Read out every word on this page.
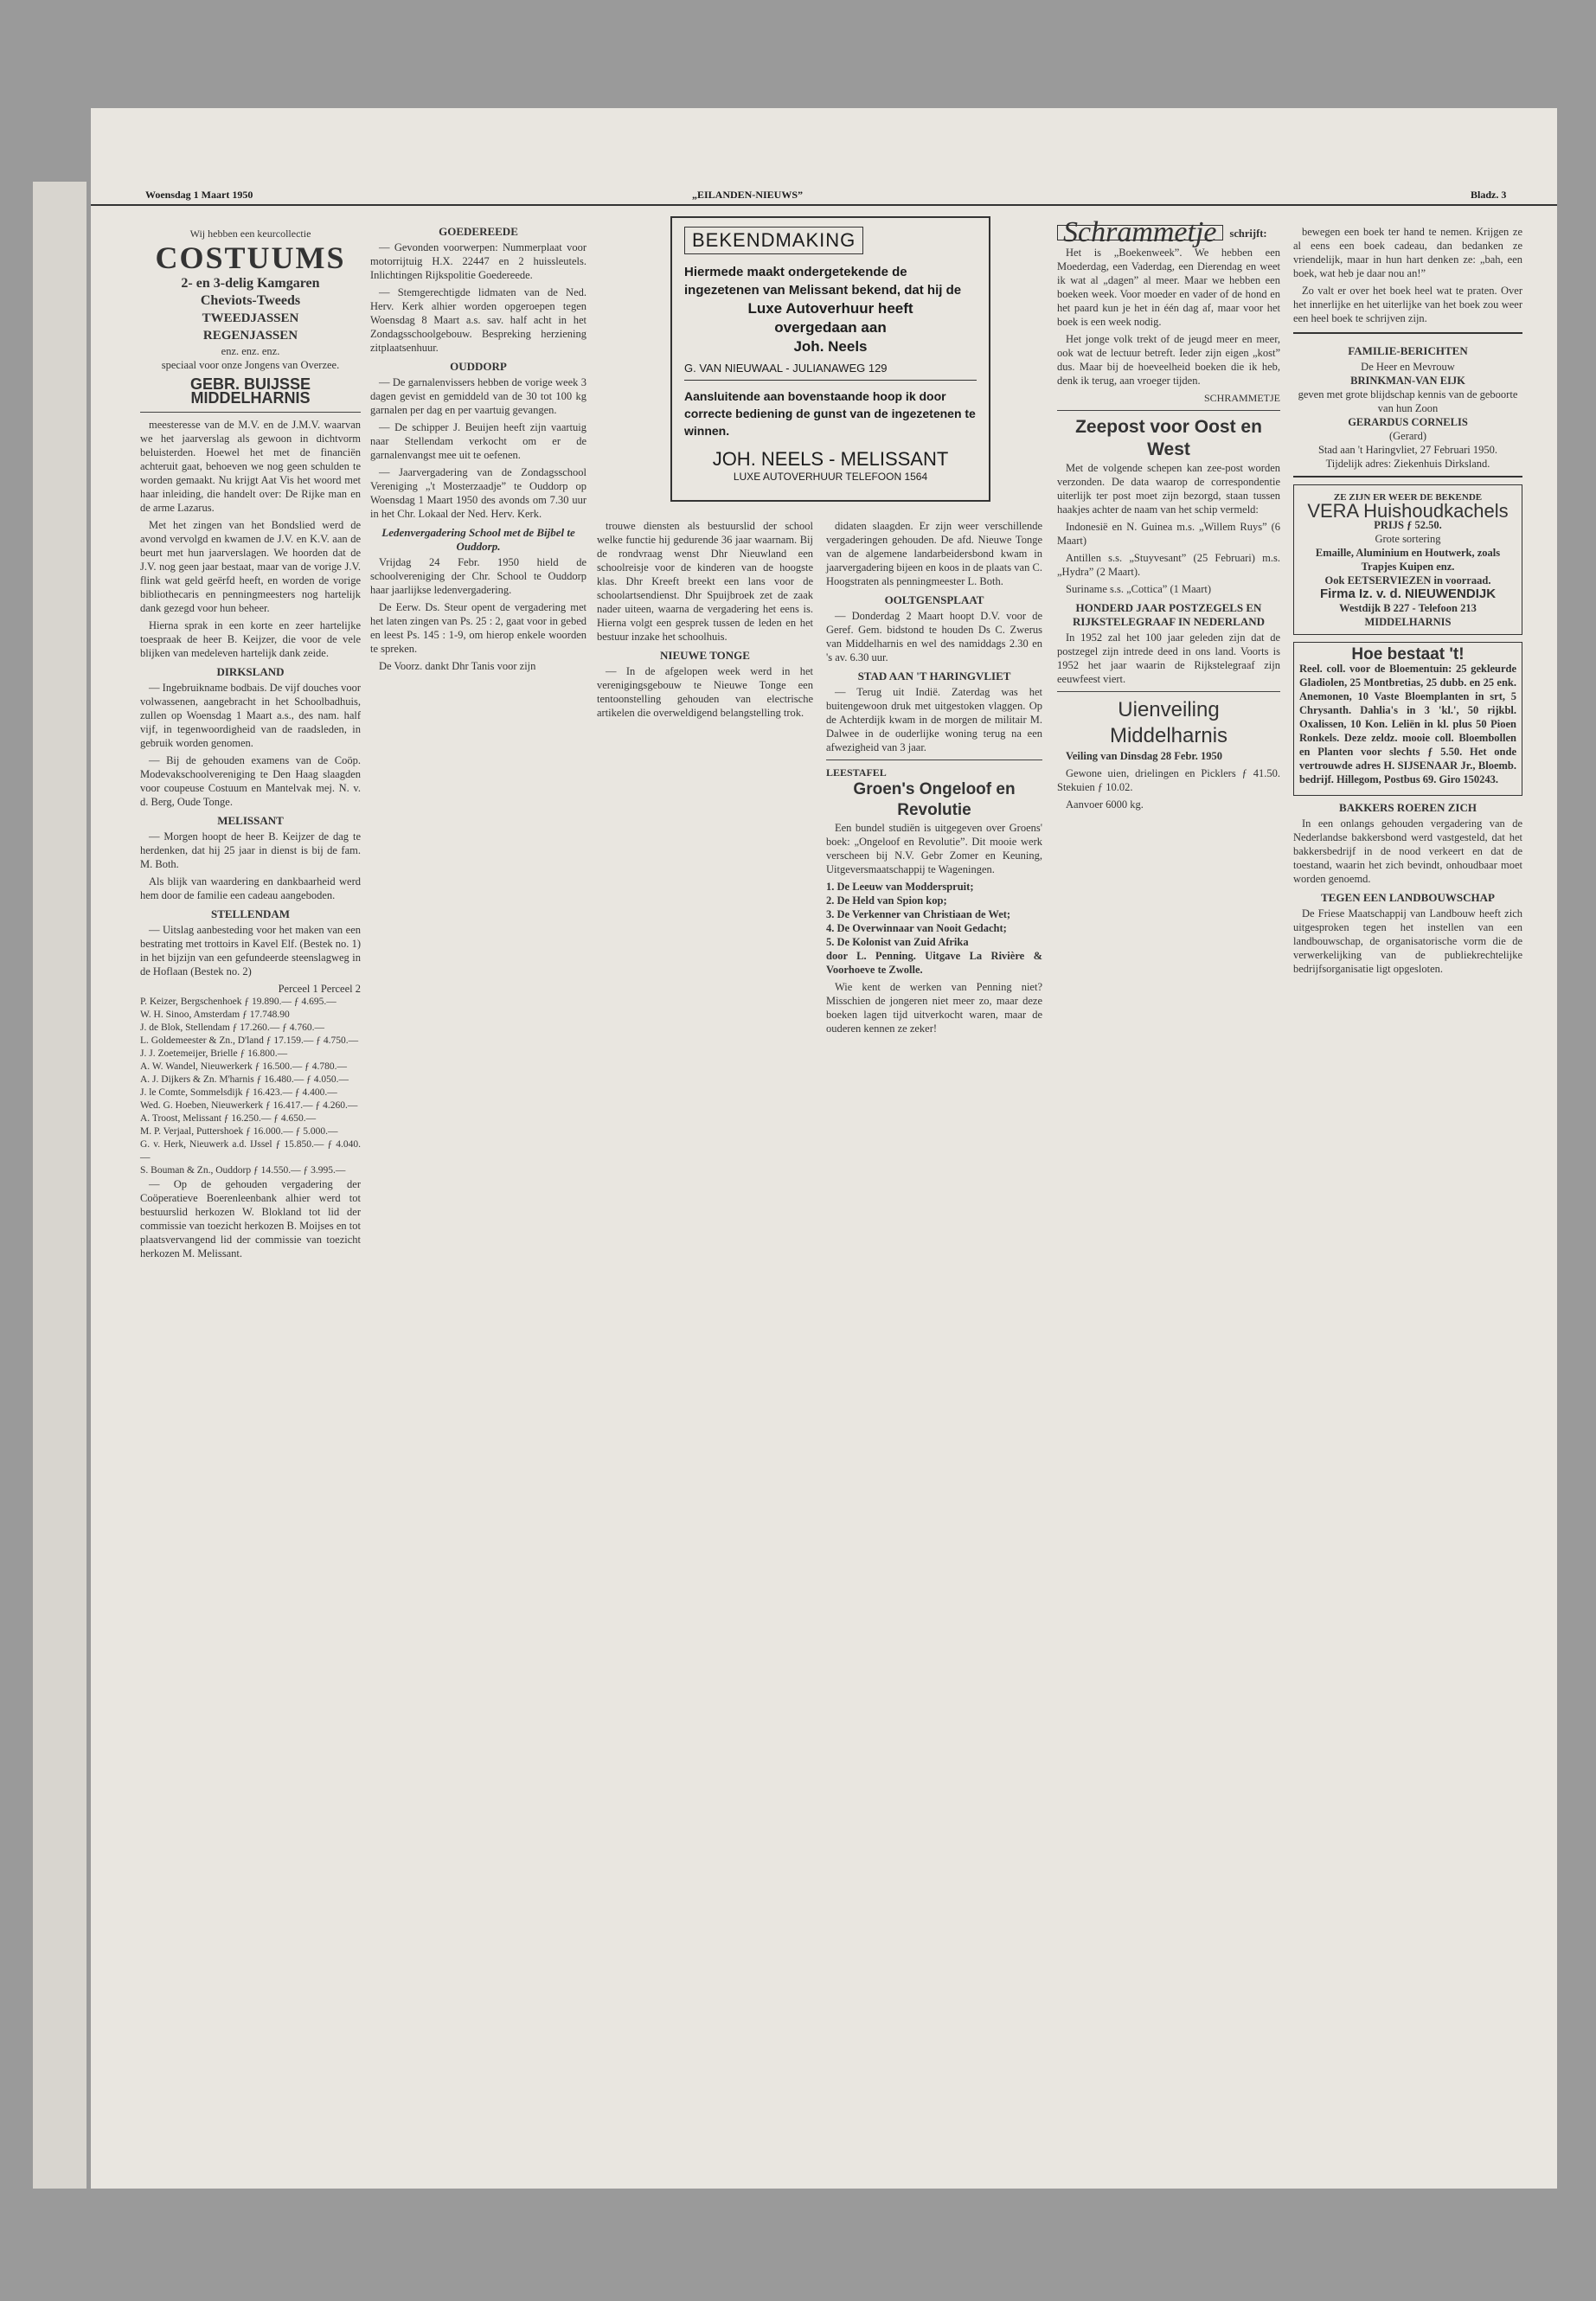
Woensdag 1 Maart 1950	„EILANDEN-NIEUWS”	Bladz. 3
Wij hebben een keurcollectie
COSTUUMS
2- en 3-delig Kamgaren
Cheviots-Tweeds
TWEEDJASSEN
REGENJASSEN
enz. enz. enz.
speciaal voor onze Jongens van Overzee.
GEBR. BUIJSSE MIDDELHARNIS

meesteresse van de M.V. en de J.M.V. waarvan we het jaarverslag als gewoon in dichtvorm beluisterden. Hoewel het met de financiën achteruit gaat, behoeven we nog geen schulden te worden gemaakt. Nu krijgt Aat Vis het woord met haar inleiding, die handelt over: De Rijke man en de arme Lazarus.

Met het zingen van het Bondslied werd de avond vervolgd en kwamen de J.V. en K.V. aan de beurt met hun jaarverslagen. We hoorden dat de J.V. nog geen jaar bestaat, maar van de vorige J.V. flink wat geld geërfd heeft, en worden de vorige bibliothecaris en penningmeesters nog hartelijk dank gezegd voor hun beheer.

Hierna sprak in een korte en zeer hartelijke toespraak de heer B. Keijzer, die voor de vele blijken van medeleven hartelijk dank zeide.

DIRKSLAND

— Ingebruikname bodbais. De vijf douches voor volwassenen, aangebracht in het Schoolbadhuis, zullen op Woensdag 1 Maart a.s., des nam. half vijf, in tegenwoordigheid van de raadsleden, in gebruik worden genomen.

— Bij de gehouden examens van de Coöp. Modevakschoolvereniging te Den Haag slaagden voor coupeuse Costuum en Mantelvak mej. N. v. d. Berg, Oude Tonge.

MELISSANT

— Morgen hoopt de heer B. Keijzer de dag te herdenken, dat hij 25 jaar in dienst is bij de fam. M. Both.

Als blijk van waardering en dankbaarheid werd hem door de familie een cadeau aangeboden.

STELLENDAM

— Uitslag aanbesteding voor het maken van een bestrating met trottoirs in Kavel Elf. (Bestek no. 1) in het bijzijn van een gefundeerde steenslagweg in de Hoflaan (Bestek no. 2)

Perceel 1 Perceel 2
P. Keizer, Bergschenhoek ƒ 19.890.— ƒ 4.695.—
W. H. Sinoo, Amsterdam ƒ 17.748.90
J. de Blok, Stellendam ƒ 17.260.— ƒ 4.760.—
L. Goldemeester & Zn., D'land ƒ 17.159.— ƒ 4.750.—
J. J. Zoetemeijer, Brielle ƒ 16.800.—
A. W. Wandel, Nieuwerkerk ƒ 16.500.— ƒ 4.780.—
A. J. Dijkers & Zn. M'harnis ƒ 16.480.— ƒ 4.050.—
J. le Comte, Sommelsdijk ƒ 16.423.— ƒ 4.400.—
Wed. G. Hoeben, Nieuwerkerk ƒ 16.417.— ƒ 4.260.—
A. Troost, Melissant ƒ 16.250.— ƒ 4.650.—
M. P. Verjaal, Puttershoek ƒ 16.000.— ƒ 5.000.—
G. v. Herk, Nieuwerk a.d. IJssel ƒ 15.850.— ƒ 4.040.—
S. Bouman & Zn., Ouddorp ƒ 14.550.— ƒ 3.995.—

— Op de gehouden vergadering der Coöperatieve Boerenleenbank alhier werd tot bestuurslid herkozen W. Blokland tot lid der commissie van toezicht herkozen B. Moijses en tot plaatsvervangend lid der commissie van toezicht herkozen M. Melissant.

GOEDEREEDE

— Gevonden voorwerpen: Nummerplaat voor motorrijtuig H.X. 22447 en 2 huissleutels. Inlichtingen Rijkspolitie Goedereede.

— Stemgerechtigde lidmaten van de Ned. Herv. Kerk alhier worden opgeroepen tegen Woensdag 8 Maart a.s. sav. half acht in het Zondagsschoolgebouw. Bespreking herziening zitplaatsenhuur.

OUDDORP

— De garnalenvissers hebben de vorige week 3 dagen gevist en gemiddeld van de 30 tot 100 kg garnalen per dag en per vaartuig gevangen.

— De schipper J. Beuijen heeft zijn vaartuig naar Stellendam verkocht om er de garnalenvangst mee uit te oefenen.

— Jaarvergadering van de Zondagsschool Vereniging „'t Mosterzaadje” te Ouddorp op Woensdag 1 Maart 1950 des avonds om 7.30 uur in het Chr. Lokaal der Ned. Herv. Kerk.

Ledenvergadering School met de Bijbel te Ouddorp.

Vrijdag 24 Febr. 1950 hield de schoolvereniging der Chr. School te Ouddorp haar jaarlijkse ledenvergadering.

De Eerw. Ds. Steur opent de vergadering met het laten zingen van Ps. 25 : 2, gaat voor in gebed en leest Ps. 145 : 1-9, om hierop enkele woorden te spreken.

De Voorz. dankt Dhr Tanis voor zijn

BEKENDMAKING
Hiermede maakt ondergetekende de ingezetenen van Melissant bekend, dat hij de
Luxe Autoverhuur heeft
overgedaan aan
Joh. Neels
G. VAN NIEUWAAL - JULIANAWEG 129
Aansluitende aan bovenstaande hoop ik door correcte bediening de gunst van de ingezetenen te winnen.
JOH. NEELS - MELISSANT
LUXE AUTOVERHUUR TELEFOON 1564

trouwe diensten als bestuurslid der school welke functie hij gedurende 36 jaar waarnam. Bij de rondvraag wenst Dhr Nieuwland een schoolreisje voor de kinderen van de hoogste klas. Dhr Kreeft breekt een lans voor de schoolartsendienst. Dhr Spuijbroek zet de zaak nader uiteen, waarna de vergadering het eens is. Hierna volgt een gesprek tussen de leden en het bestuur inzake het schoolhuis.

NIEUWE TONGE

— In de afgelopen week werd in het verenigingsgebouw te Nieuwe Tonge een tentoonstelling gehouden van electrische artikelen die overweldigend belangstelling trok.

didaten slaagden. Er zijn weer verschillende vergaderingen gehouden. De afd. Nieuwe Tonge van de algemene landarbeidersbond kwam in jaarvergadering bijeen en koos in de plaats van C. Hoogstraten als penningmeester L. Both.

OOLTGENSPLAAT

— Donderdag 2 Maart hoopt D.V. voor de Geref. Gem. bidstond te houden Ds C. Zwerus van Middelharnis en wel des namiddags 2.30 en 's av. 6.30 uur.

STAD AAN 'T HARINGVLIET

— Terug uit Indië. Zaterdag was het buitengewoon druk met uitgestoken vlaggen. Op de Achterdijk kwam in de morgen de militair M. Dalwee in de ouderlijke woning terug na een afwezigheid van 3 jaar.

LEESTAFEL
Groen's Ongeloof en Revolutie

Een bundel studiën is uitgegeven over Groens' boek: „Ongeloof en Revolutie”. Dit mooie werk verscheen bij N.V. Gebr Zomer en Keuning, Uitgeversmaatschappij te Wageningen.

1. De Leeuw van Modderspruit;
2. De Held van Spion kop;
3. De Verkenner van Christiaan de Wet;
4. De Overwinnaar van Nooit Gedacht;
5. De Kolonist van Zuid Afrika
door L. Penning. Uitgave La Rivière & Voorhoeve te Zwolle.

Wie kent de werken van Penning niet? Misschien de jongeren niet meer zo, maar deze boeken lagen tijd uitverkocht waren, maar de ouderen kennen ze zeker!

Schrammetje	schrijft:

Het is „Boekenweek”. We hebben een Moederdag, een Vaderdag, een Dierendag en weet ik wat al „dagen” al meer. Maar we hebben een boeken week. Voor moeder en vader of de hond en het paard kun je het in één dag af, maar voor het boek is een week nodig.

Het jonge volk trekt of de jeugd meer en meer, ook wat de lectuur betreft. Ieder zijn eigen „kost” dus. Maar bij de hoeveelheid boeken die ik heb, denk ik terug, aan vroeger tijden.

SCHRAMMETJE
Zeepost voor Oost en West

Met de volgende schepen kan zee-post worden verzonden. De data waarop de correspondentie uiterlijk ter post moet zijn bezorgd, staan tussen haakjes achter de naam van het schip vermeld:

Indonesië en N. Guinea m.s. „Willem Ruys” (6 Maart)

Antillen s.s. „Stuyvesant” (25 Februari) m.s. „Hydra” (2 Maart).

Suriname s.s. „Cottica” (1 Maart)

HONDERD JAAR POSTZEGELS EN RIJKSTELEGRAAF IN NEDERLAND

In 1952 zal het 100 jaar geleden zijn dat de postzegel zijn intrede deed in ons land. Voorts is 1952 het jaar waarin de Rijkstelegraaf zijn eeuwfeest viert.

Uienveiling Middelharnis

Veiling van Dinsdag 28 Febr. 1950

Gewone uien, drielingen en Picklers ƒ 41.50. Stekuien ƒ 10.02.

Aanvoer 6000 kg.

bewegen een boek ter hand te nemen. Krijgen ze al eens een boek cadeau, dan bedanken ze vriendelijk, maar in hun hart denken ze: „bah, een boek, wat heb je daar nou an!”

Zo valt er over het boek heel wat te praten. Over het innerlijke en het uiterlijke van het boek zou weer een heel boek te schrijven zijn.

FAMILIE-BERICHTEN
De Heer en Mevrouw
BRINKMAN-VAN EIJK
geven met grote blijdschap kennis van de geboorte van hun Zoon
GERARDUS CORNELIS
(Gerard)
Stad aan 't Haringvliet, 27 Februari 1950.
Tijdelijk adres: Ziekenhuis Dirksland.
ZE ZIJN ER WEER DE BEKENDE
VERA Huishoudkachels
PRIJS ƒ 52.50.
Grote sortering
Emaille, Aluminium en Houtwerk, zoals Trapjes Kuipen enz.
Ook EETSERVIEZEN in voorraad.
Firma Iz. v. d. NIEUWENDIJK
Westdijk B 227 - Telefoon 213 MIDDELHARNIS
Hoe bestaat 't!

Reel. coll. voor de Bloementuin: 25 gekleurde Gladiolen, 25 Montbretias, 25 dubb. en 25 enk. Anemonen, 10 Vaste Bloemplanten in srt, 5 Chrysanth. Dahlia's in 3 'kl.', 50 rijkbl. Oxalissen, 10 Kon. Leliën in kl. plus 50 Pioen Ronkels. Deze zeldz. mooie coll. Bloembollen en Planten voor slechts ƒ 5.50. Het onde vertrouwde adres H. SIJSENAAR Jr., Bloemb. bedrijf. Hillegom, Postbus 69. Giro 150243.

BAKKERS ROEREN ZICH

In een onlangs gehouden vergadering van de Nederlandse bakkersbond werd vastgesteld, dat het bakkersbedrijf in de nood verkeert en dat de toestand, waarin het zich bevindt, onhoudbaar moet worden genoemd.

TEGEN EEN LANDBOUWSCHAP

De Friese Maatschappij van Landbouw heeft zich uitgesproken tegen het instellen van een landbouwschap, de organisatorische vorm die de verwerkelijking van de publiekrechtelijke bedrijfsorganisatie ligt opgesloten.
